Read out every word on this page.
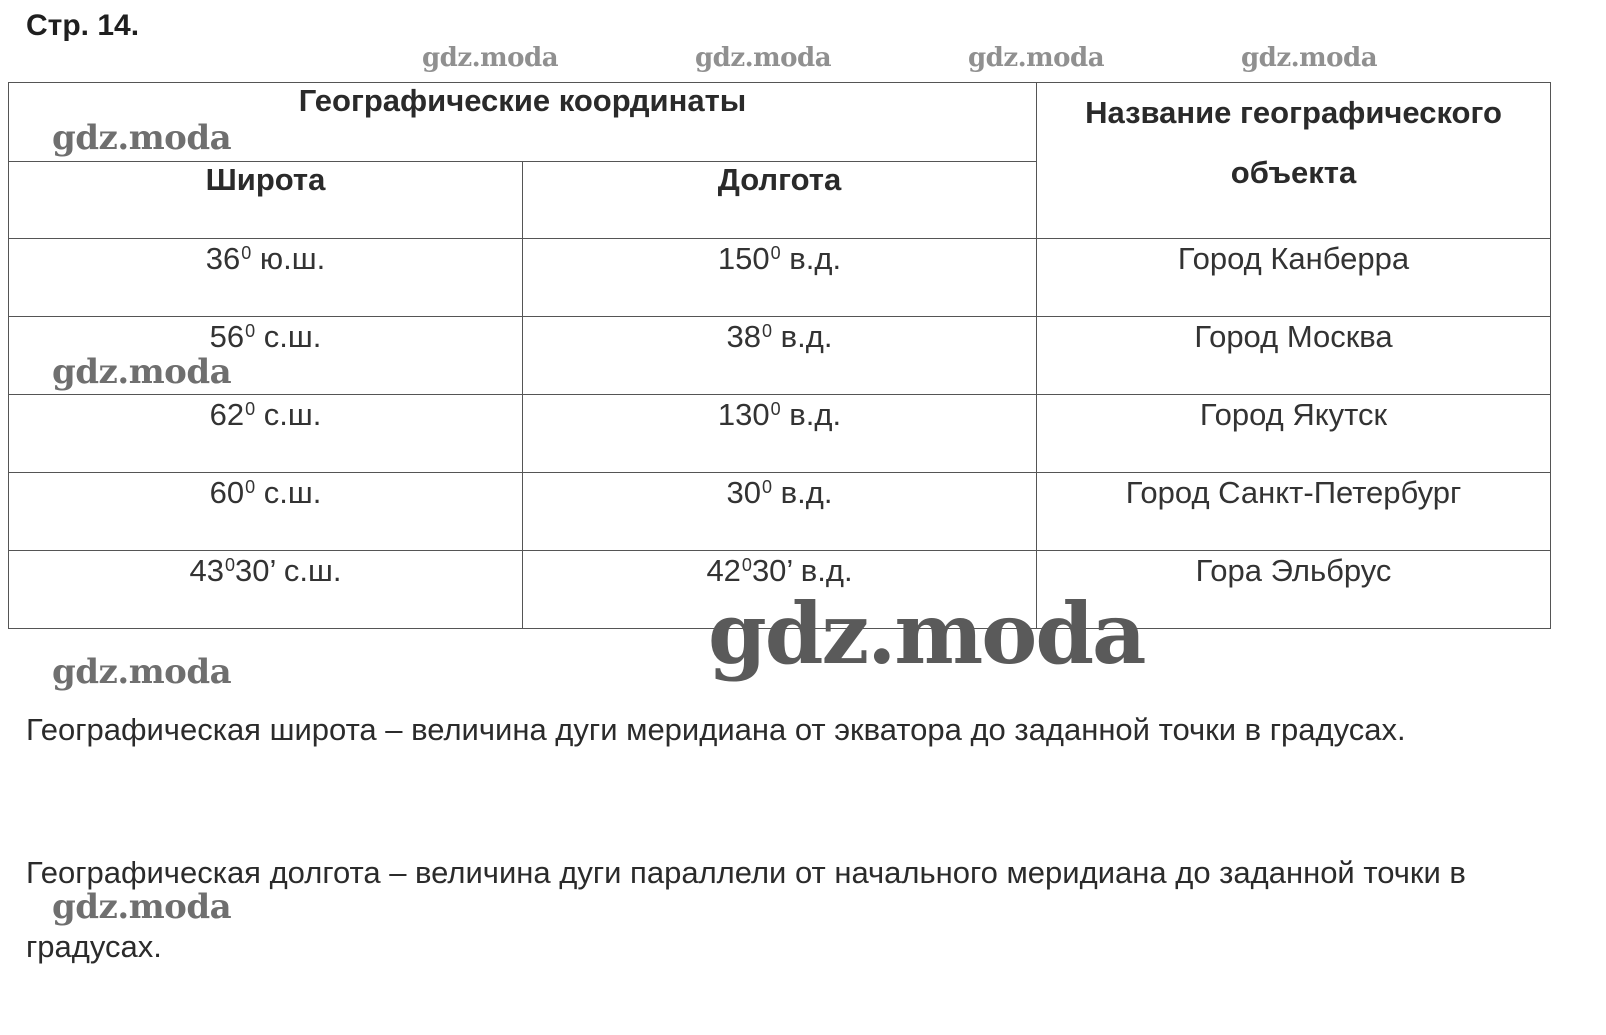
Стр. 14.
gdz.moda	gdz.moda	gdz.moda	gdz.moda
gdz.moda
gdz.moda
gdz.moda
gdz.moda
gdz.moda
Географические координаты		Название географического объекта
Широта	Долгота	
$36^0$ ю.ш.	$150^0$ в.д.	Город Канберра
$56^0$ с.ш.	$38^0$ в.д.	Город Москва
$62^0$ с.ш.	$130^0$ в.д.	Город Якутск
$60^0$ с.ш.	$30^0$ в.д.	Город Санкт-Петербург
$43^030$’ с.ш.	$42^030$’ в.д.	Гора Эльбрус
Географическая широта – величина дуги меридиана от экватора до заданной точки в градусах.
Географическая долгота – величина дуги параллели от начального меридиана до заданной точки в градусах.
